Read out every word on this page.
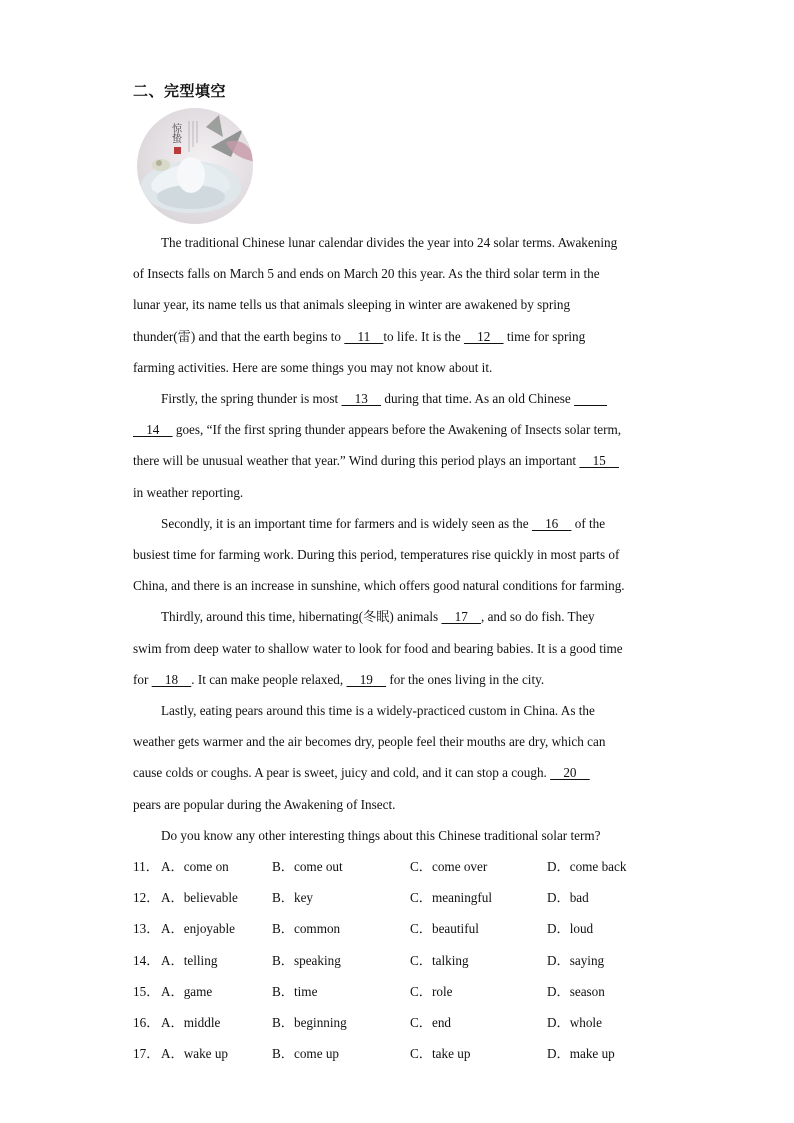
二、完型填空
惊蛰
The traditional Chinese lunar calendar divides the year into 24 solar terms. Awakening
of Insects falls on March 5 and ends on March 20 this year. As the third solar term in the
lunar year, its name tells us that animals sleeping in winter are awakened by spring
thunder(雷) and that the earth begins to     11    to life. It is the     12     time for spring
farming activities. Here are some things you may not know about it.
Firstly, the spring thunder is most     13     during that time. As an old Chinese
14     goes, “If the first spring thunder appears before the Awakening of Insects solar term,
there will be unusual weather that year.” Wind during this period plays an important     15
in weather reporting.
Secondly, it is an important time for farmers and is widely seen as the     16     of the
busiest time for farming work. During this period, temperatures rise quickly in most parts of
China, and there is an increase in sunshine, which offers good natural conditions for farming.
Thirdly, around this time, hibernating(冬眠) animals     17    , and so do fish. They
swim from deep water to shallow water to look for food and bearing babies. It is a good time
for     18    . It can make people relaxed,     19     for the ones living in the city.
Lastly, eating pears around this time is a widely-practiced custom in China. As the
weather gets warmer and the air becomes dry, people feel their mouths are dry, which can
cause colds or coughs. A pear is sweet, juicy and cold, and it can stop a cough.     20
pears are popular during the Awakening of Insect.
Do you know any other interesting things about this Chinese traditional solar term?
11． A．come on	B．come out	C．come over	D．come back
12． A．believable	B．key	C．meaningful	D．bad
13． A．enjoyable	B．common	C．beautiful	D．loud
14． A．telling	B．speaking	C．talking	D．saying
15． A．game	B．time	C．role	D．season
16． A．middle	B．beginning	C．end	D．whole
17． A．wake up	B．come up	C．take up	D．make up
